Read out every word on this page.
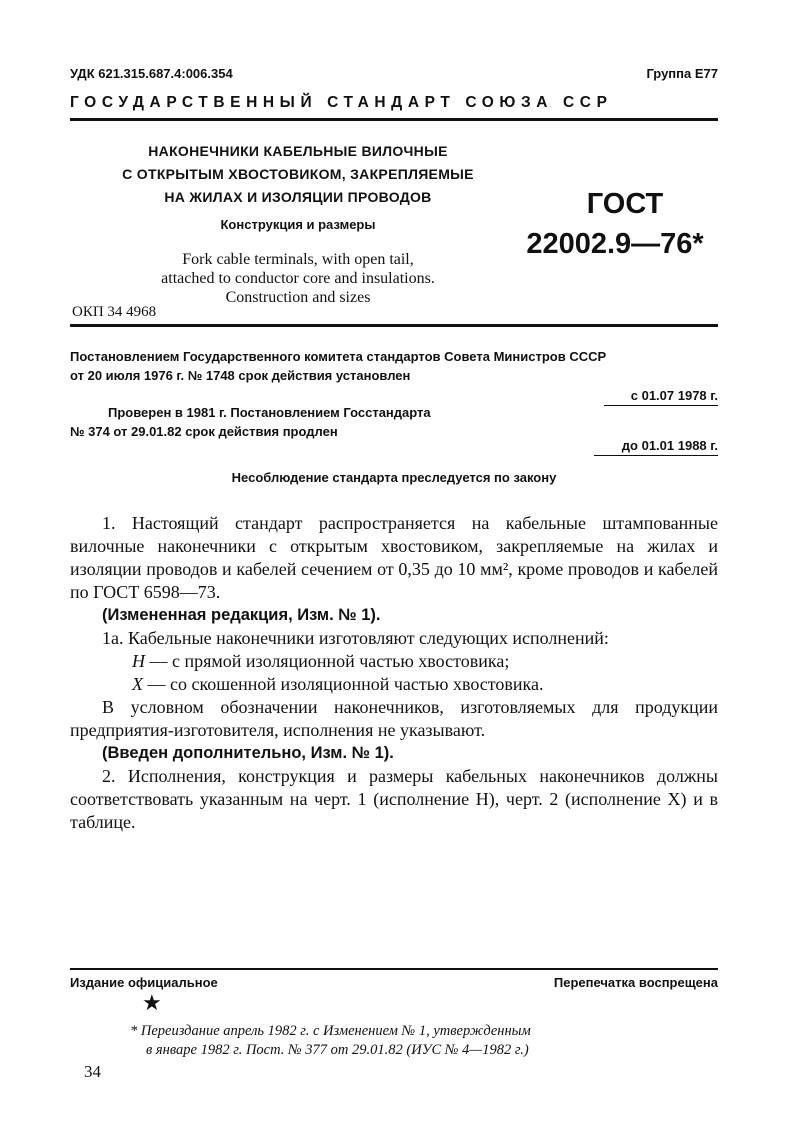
УДК 621.315.687.4:006.354	Группа Е77
ГОСУДАРСТВЕННЫЙ СТАНДАРТ СОЮЗА ССР
НАКОНЕЧНИКИ КАБЕЛЬНЫЕ ВИЛОЧНЫЕ
С ОТКРЫТЫМ ХВОСТОВИКОМ, ЗАКРЕПЛЯЕМЫЕ
НА ЖИЛАХ И ИЗОЛЯЦИИ ПРОВОДОВ
Конструкция и размеры
Fork cable terminals, with open tail,
attached to conductor core and insulations.
Construction and sizes
ГОСТ
22002.9—76*
ОКП 34 4968
Постановлением Государственного комитета стандартов Совета Министров СССР
от 20 июля 1976 г. № 1748 срок действия установлен
с 01.07 1978 г.
Проверен в 1981 г. Постановлением Госстандарта
№ 374 от 29.01.82 срок действия продлен
до 01.01 1988 г.
Несоблюдение стандарта преследуется по закону

1. Настоящий стандарт распространяется на кабельные штампованные вилочные наконечники с открытым хвостовиком, закрепляемые на жилах и изоляции проводов и кабелей сечением от 0,35 до 10 мм², кроме проводов и кабелей по ГОСТ 6598—73.

(Измененная редакция, Изм. № 1).

1а. Кабельные наконечники изготовляют следующих исполнений:

Н — с прямой изоляционной частью хвостовика;

Х — со скошенной изоляционной частью хвостовика.

В условном обозначении наконечников, изготовляемых для продукции предприятия-изготовителя, исполнения не указывают.

(Введен дополнительно, Изм. № 1).

2. Исполнения, конструкция и размеры кабельных наконечников должны соответствовать указанным на черт. 1 (исполнение Н), черт. 2 (исполнение Х) и в таблице.

Издание официальное	Перепечатка воспрещена
★
* Переиздание апрель 1982 г. с Изменением № 1, утвержденным
в январе 1982 г. Пост. № 377 от 29.01.82 (ИУС № 4—1982 г.)
34
